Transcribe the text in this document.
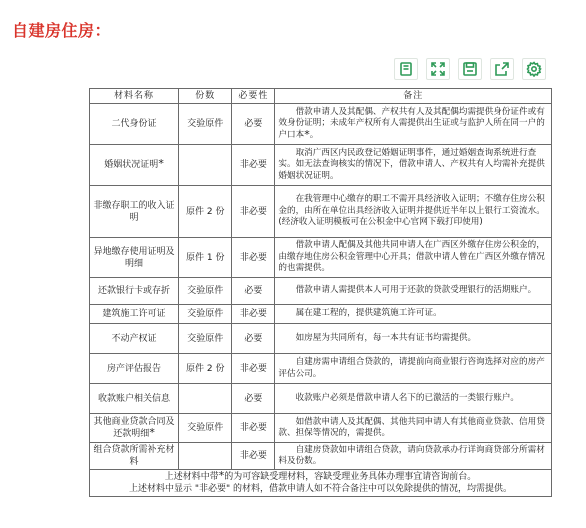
自建房住房：
材料名称	份数	必要性	备注
二代身份证	交验原件	必要	借款申请人及其配偶、产权共有人及其配偶均需提供身份证件或有效身份证明；未成年产权所有人需提供出生证或与监护人所在同一户的户口本*。
婚姻状况证明*		非必要	取消广西区内民政登记婚姻证明事件，通过婚姻查询系统进行查实。如无法查询核实的情况下，借款申请人、产权共有人均需补充提供婚姻状况证明。
非缴存职工的收入证明	原件 2 份	非必要	在我管理中心缴存的职工不需开具经济收入证明；不缴存住房公积金的，由所在单位出具经济收入证明并提供近半年以上银行工资流水。(经济收入证明模板可在公积金中心官网下载打印使用)
异地缴存使用证明及明细	原件 1 份	非必要	借款申请人配偶及其他共同申请人在广西区外缴存住房公积金的，由缴存地住房公积金管理中心开具；借款申请人曾在广西区外缴存情况的也需提供。
还款银行卡或存折	交验原件	必要	借款申请人需提供本人可用于还款的贷款受理银行的活期账户。
建筑施工许可证	交验原件	非必要	属在建工程的，提供建筑施工许可证。
不动产权证	交验原件	必要	如房屋为共同所有，每一本共有证书均需提供。
房产评估报告	原件 2 份	非必要	自建房需申请组合贷款的，请提前向商业银行咨询选择对应的房产评估公司。
收款账户相关信息		必要	收款账户必须是借款申请人名下的已激活的一类银行账户。
其他商业贷款合同及还款明细*	交验原件	非必要	如借款申请人及其配偶、其他共同申请人有其他商业贷款、信用贷款、担保等情况的，需提供。
组合贷款所需补充材料		非必要	自建房贷款如申请组合贷款，请向贷款承办行详询商贷部分所需材料及份数。

上述材料中带*的为可容缺受理材料，容缺受理业务具体办理事宜请咨询前台。
上述材料中显示 "非必要" 的材料，借款申请人如不符合备注中可以免除提供的情况，均需提供。			
